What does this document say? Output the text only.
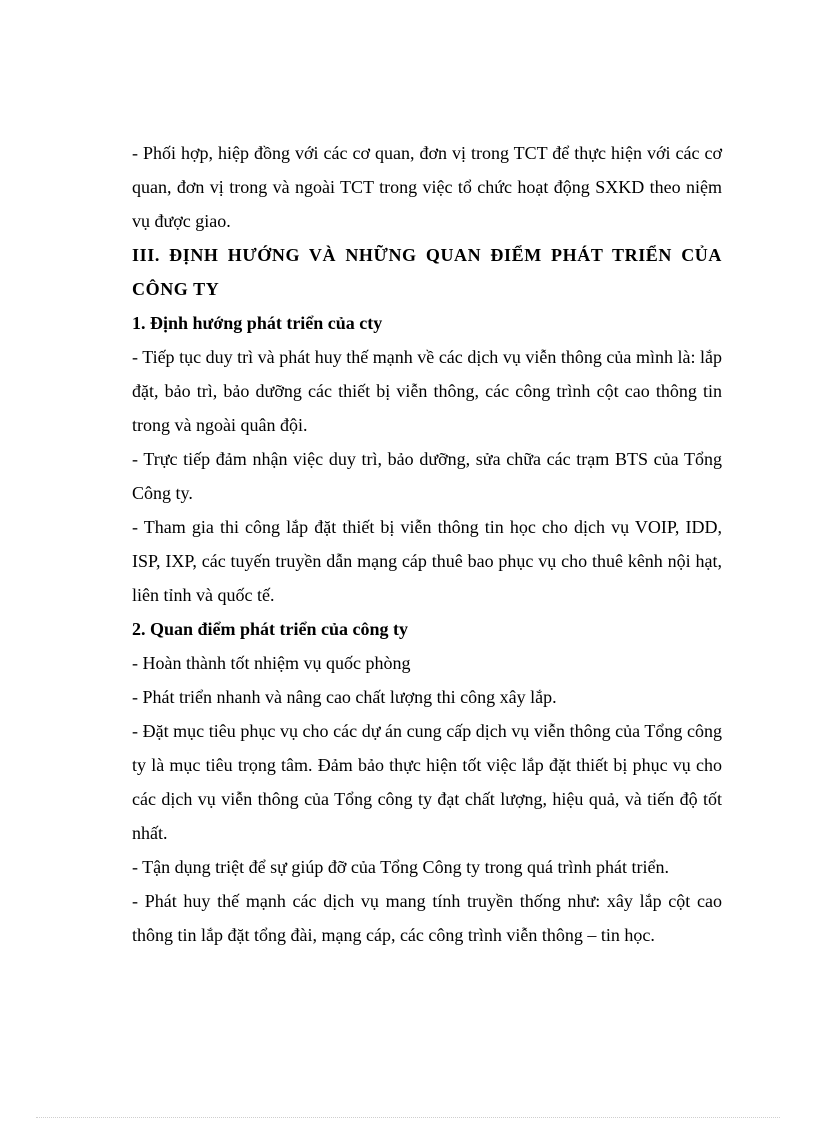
- Phối hợp, hiệp đồng với các cơ quan, đơn vị trong TCT để thực hiện với các cơ quan, đơn vị trong và ngoài TCT trong việc tổ chức hoạt động SXKD theo niệm vụ được giao.

III. ĐỊNH HƯỚNG VÀ NHỮNG QUAN ĐIỂM PHÁT TRIỂN CỦA CÔNG TY

1. Định hướng phát triển của cty

- Tiếp tục duy trì và phát huy thế mạnh về các dịch vụ viễn thông của mình là: lắp đặt, bảo trì, bảo dưỡng các thiết bị viễn thông, các công trình cột cao thông tin trong và ngoài quân đội.

- Trực tiếp đảm nhận việc duy trì, bảo dưỡng, sửa chữa các trạm BTS của Tổng Công ty.

- Tham gia thi công lắp đặt thiết bị viễn thông tin học cho dịch vụ VOIP, IDD, ISP, IXP, các tuyến truyền dẫn mạng cáp thuê bao phục vụ cho thuê kênh nội hạt, liên tỉnh và quốc tế.

2. Quan điểm phát triển của công ty

- Hoàn thành tốt nhiệm vụ quốc phòng

- Phát triển nhanh và nâng cao chất lượng thi công xây lắp.

- Đặt mục tiêu phục vụ cho các dự án cung cấp dịch vụ viễn thông của Tổng công ty là mục tiêu trọng tâm. Đảm bảo thực hiện tốt việc lắp đặt thiết bị phục vụ cho các dịch vụ viễn thông của Tổng công ty đạt chất lượng, hiệu quả, và tiến độ tốt nhất.

- Tận dụng triệt để sự giúp đỡ của Tổng Công ty trong quá trình phát triển.

- Phát huy thế mạnh các dịch vụ mang tính truyền thống như: xây lắp cột cao thông tin lắp đặt tổng đài, mạng cáp, các công trình viễn thông – tin học.
